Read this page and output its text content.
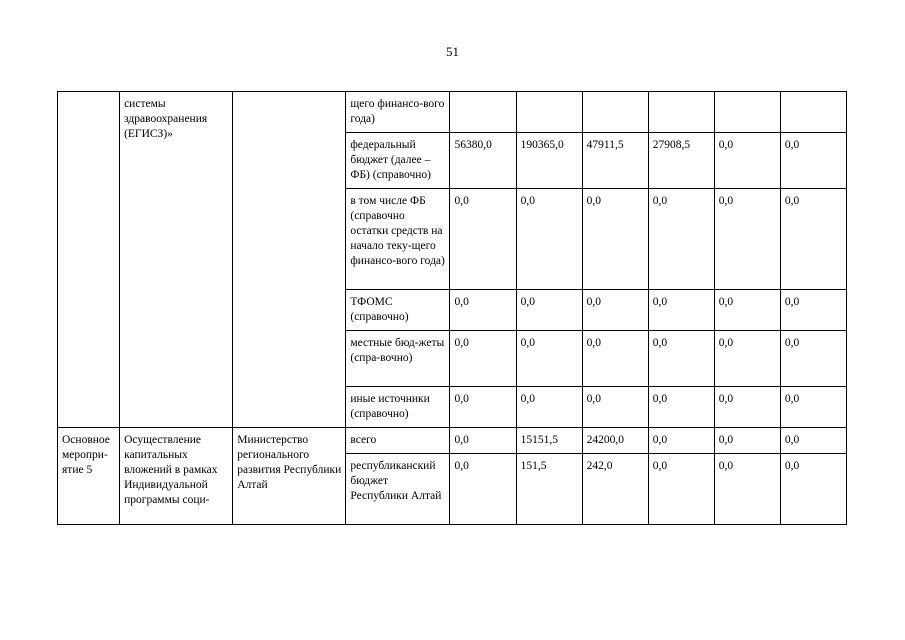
51
	системы здравоохранения (ЕГИСЗ)»		щего финансо-вого года)						
			федеральный бюджет (далее – ФБ) (справочно)	56380,0	190365,0	47911,5	27908,5	0,0	0,0
			в том числе ФБ (справочно остатки средств на начало теку-щего финансо-вого года)	0,0	0,0	0,0	0,0	0,0	0,0
			ТФОМС (справочно)	0,0	0,0	0,0	0,0	0,0	0,0
			местные бюд-жеты (спра-вочно)	0,0	0,0	0,0	0,0	0,0	0,0
			иные источники (справочно)	0,0	0,0	0,0	0,0	0,0	0,0
Основное меропри-ятие 5	Осуществление капитальных вложений в рамках Индивидуальной программы соци-	Министерство регионального развития Республики Алтай	всего	0,0	15151,5	24200,0	0,0	0,0	0,0
			республиканский бюджет Республики Алтай	0,0	151,5	242,0	0,0	0,0	0,0
